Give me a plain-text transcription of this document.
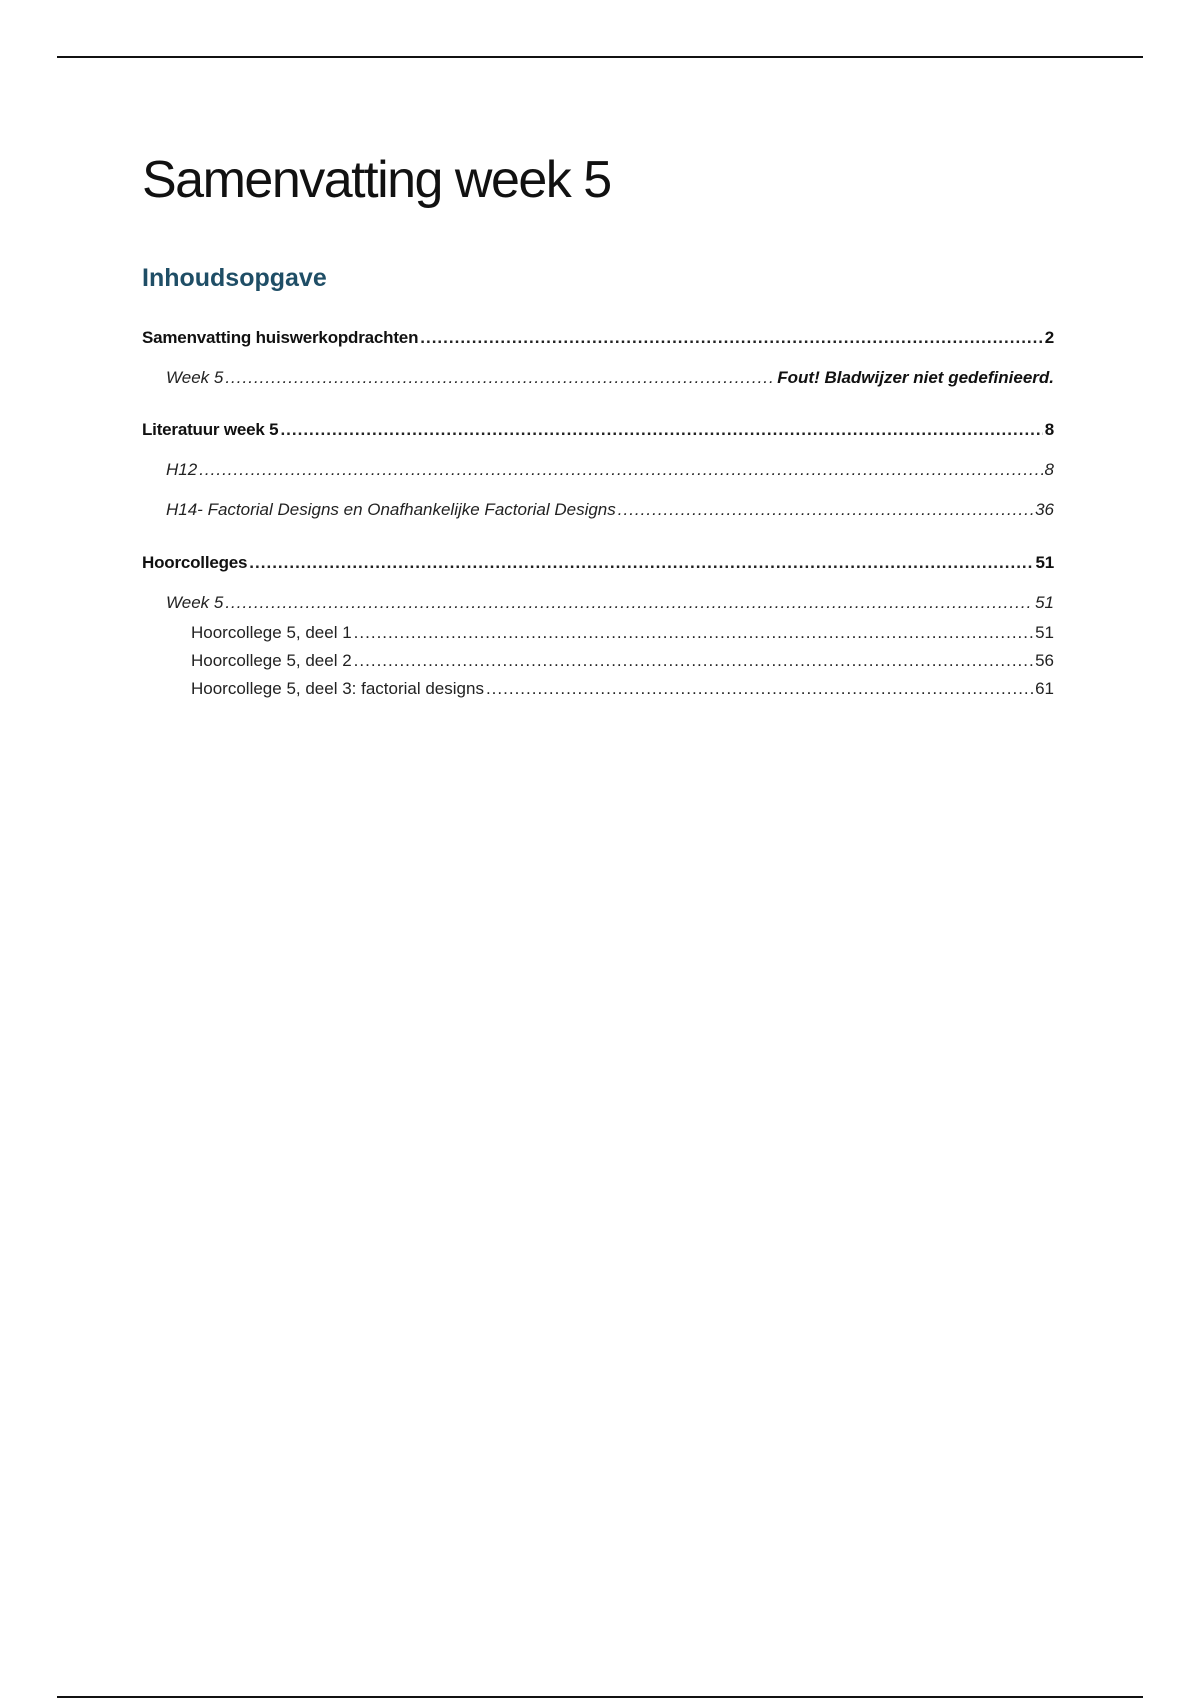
Samenvatting week 5
Inhoudsopgave
Samenvatting huiswerkopdrachten .....	2
Week 5 .....	Fout! Bladwijzer niet gedefinieerd.
Literatuur week 5 .....	8
H12 .....	8
H14- Factorial Designs en Onafhankelijke Factorial Designs .....	36
Hoorcolleges .....	51
Week 5 .....	51
Hoorcollege 5, deel 1 .....	51
Hoorcollege 5, deel 2 .....	56
Hoorcollege 5, deel 3: factorial designs .....	61
